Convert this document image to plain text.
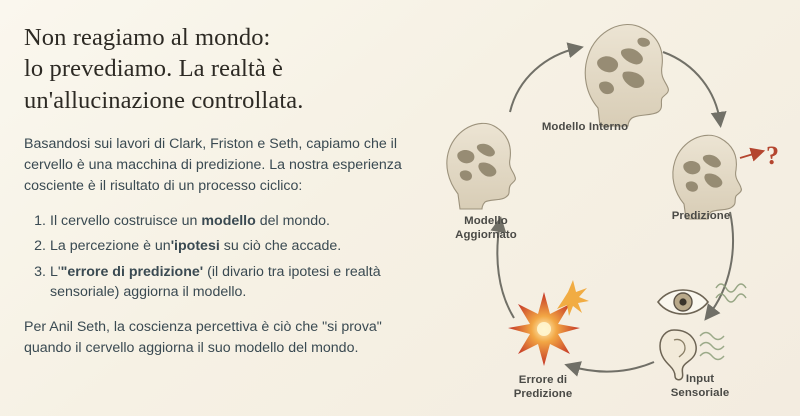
Non reagiamo al mondo:
lo prevediamo. La realtà è
un'allucinazione controllata.

Basandosi sui lavori di Clark, Friston e Seth, capiamo che il cervello è una macchina di predizione. La nostra esperienza cosciente è il risultato di un processo ciclico:

1. Il cervello costruisce un modello del mondo.
2. La percezione è un'ipotesi su ciò che accade.
3. L'"errore di predizione' (il divario tra ipotesi e realtà sensoriale) aggiorna il modello.

Per Anil Seth, la coscienza percettiva è ciò che "si prova" quando il cervello aggiorna il suo modello del mondo.

?
Modello Interno
Predizione
Input
Sensoriale
Errore di
Predizione
Modello
Aggiornato
